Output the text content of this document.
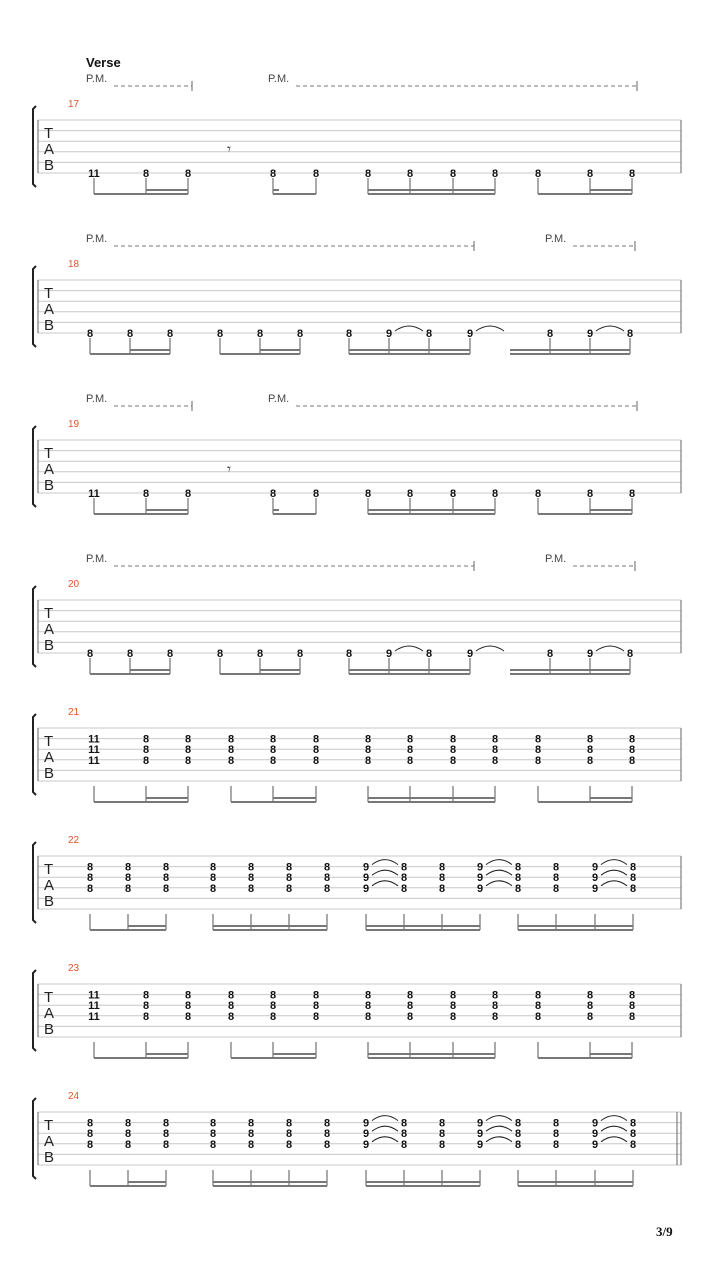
Verse
T
A
B
17
P.M.	P.M.
𝄾
11	8	8	8	8	8	8	8	8	8	8	8
T
A
B
18
P.M.	P.M.
8	8	8	8	8	8	8	9	8	9	8	9	8
T
A
B
19
P.M.	P.M.
𝄾
11	8	8	8	8	8	8	8	8	8	8	8
T
A
B
20
P.M.	P.M.
8	8	8	8	8	8	8	9	8	9	8	9	8
T
A
B
21
11
11
11
8
8
8
8
8
8
8
8
8
8
8
8
8
8
8
8
8
8
8
8
8
8
8
8
8
8
8
8
8
8
8
8
8
8
8
8
T
A
B
22
8
8
8
8
8
8
8
8
8
8
8
8
8
8
8
8
8
8
8
8
8
9
9
9
8
8
8
8
8
8
9
9
9
8
8
8
8
8
8
9
9
9
8
8
8
T
A
B
23
11
11
11
8
8
8
8
8
8
8
8
8
8
8
8
8
8
8
8
8
8
8
8
8
8
8
8
8
8
8
8
8
8
8
8
8
8
8
8
T
A
B
24
8
8
8
8
8
8
8
8
8
8
8
8
8
8
8
8
8
8
8
8
8
9
9
9
8
8
8
8
8
8
9
9
9
8
8
8
8
8
8
9
9
9
8
8
8
3/9
